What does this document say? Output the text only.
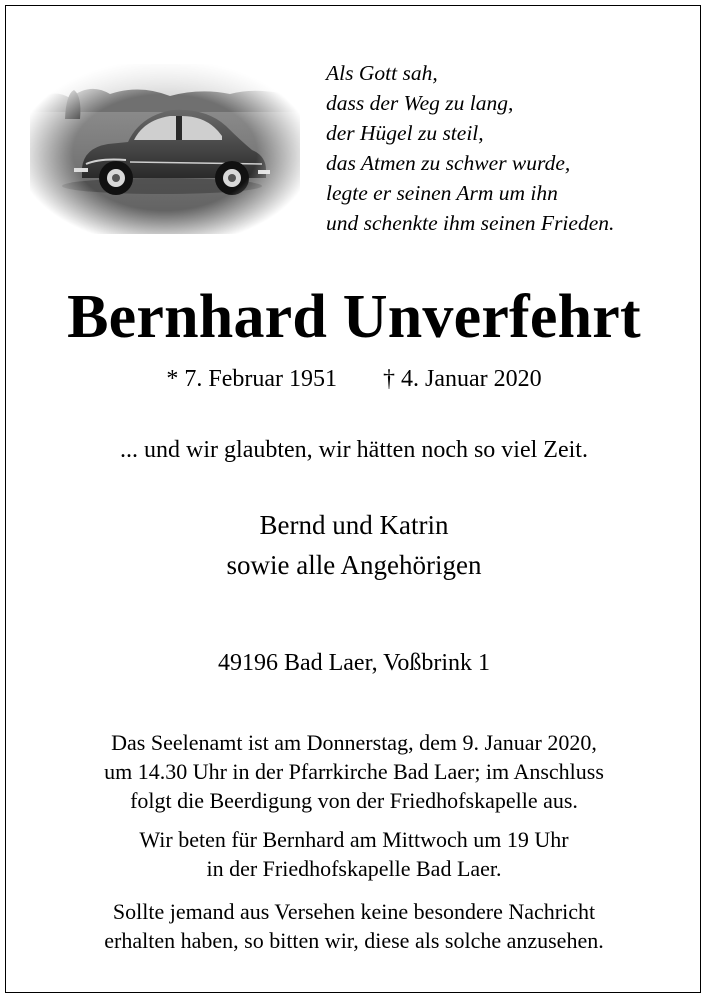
Als Gott sah,
dass der Weg zu lang,
der Hügel zu steil,
das Atmen zu schwer wurde,
legte er seinen Arm um ihn
und schenkte ihm seinen Frieden.
Bernhard Unverfehrt
* 7. Februar 1951 † 4. Januar 2020
... und wir glaubten, wir hätten noch so viel Zeit.
Bernd und Katrin
sowie alle Angehörigen
49196 Bad Laer, Voßbrink 1
Das Seelenamt ist am Donnerstag, dem 9. Januar 2020,
um 14.30 Uhr in der Pfarrkirche Bad Laer; im Anschluss
folgt die Beerdigung von der Friedhofskapelle aus.
Wir beten für Bernhard am Mittwoch um 19 Uhr
in der Friedhofskapelle Bad Laer.
Sollte jemand aus Versehen keine besondere Nachricht
erhalten haben, so bitten wir, diese als solche anzusehen.
